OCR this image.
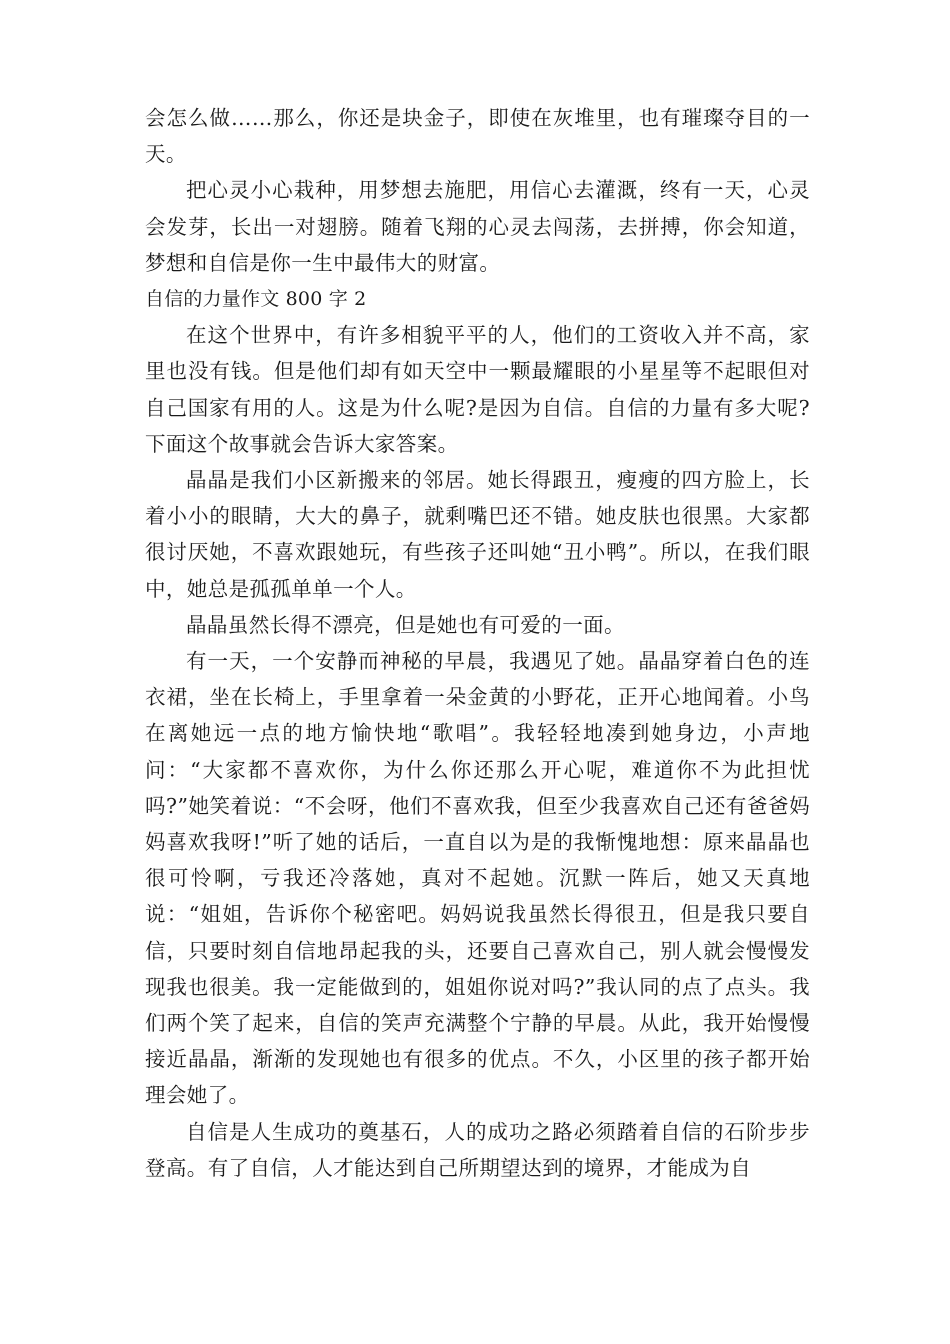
会怎么做……那么，你还是块金子，即使在灰堆里，也有璀璨夺目的一天。

把心灵小心栽种，用梦想去施肥，用信心去灌溉，终有一天，心灵会发芽，长出一对翅膀。随着飞翔的心灵去闯荡，去拼搏，你会知道，梦想和自信是你一生中最伟大的财富。

自信的力量作文 800 字 2

在这个世界中，有许多相貌平平的人，他们的工资收入并不高，家里也没有钱。但是他们却有如天空中一颗最耀眼的小星星等不起眼但对自己国家有用的人。这是为什么呢?是因为自信。自信的力量有多大呢?下面这个故事就会告诉大家答案。

晶晶是我们小区新搬来的邻居。她长得跟丑，瘦瘦的四方脸上，长着小小的眼睛，大大的鼻子，就剩嘴巴还不错。她皮肤也很黑。大家都很讨厌她，不喜欢跟她玩，有些孩子还叫她“丑小鸭”。所以，在我们眼中，她总是孤孤单单一个人。

晶晶虽然长得不漂亮，但是她也有可爱的一面。

有一天，一个安静而神秘的早晨，我遇见了她。晶晶穿着白色的连衣裙，坐在长椅上，手里拿着一朵金黄的小野花，正开心地闻着。小鸟在离她远一点的地方愉快地“歌唱”。我轻轻地凑到她身边，小声地问：“大家都不喜欢你，为什么你还那么开心呢，难道你不为此担忧吗?”她笑着说：“不会呀，他们不喜欢我，但至少我喜欢自己还有爸爸妈妈喜欢我呀!”听了她的话后，一直自以为是的我惭愧地想：原来晶晶也很可怜啊，亏我还冷落她，真对不起她。沉默一阵后，她又天真地说：“姐姐，告诉你个秘密吧。妈妈说我虽然长得很丑，但是我只要自信，只要时刻自信地昂起我的头，还要自己喜欢自己，别人就会慢慢发现我也很美。我一定能做到的，姐姐你说对吗?”我认同的点了点头。我们两个笑了起来，自信的笑声充满整个宁静的早晨。从此，我开始慢慢接近晶晶，渐渐的发现她也有很多的优点。不久，小区里的孩子都开始理会她了。

自信是人生成功的奠基石，人的成功之路必须踏着自信的石阶步步登高。有了自信，人才能达到自己所期望达到的境界，才能成为自
